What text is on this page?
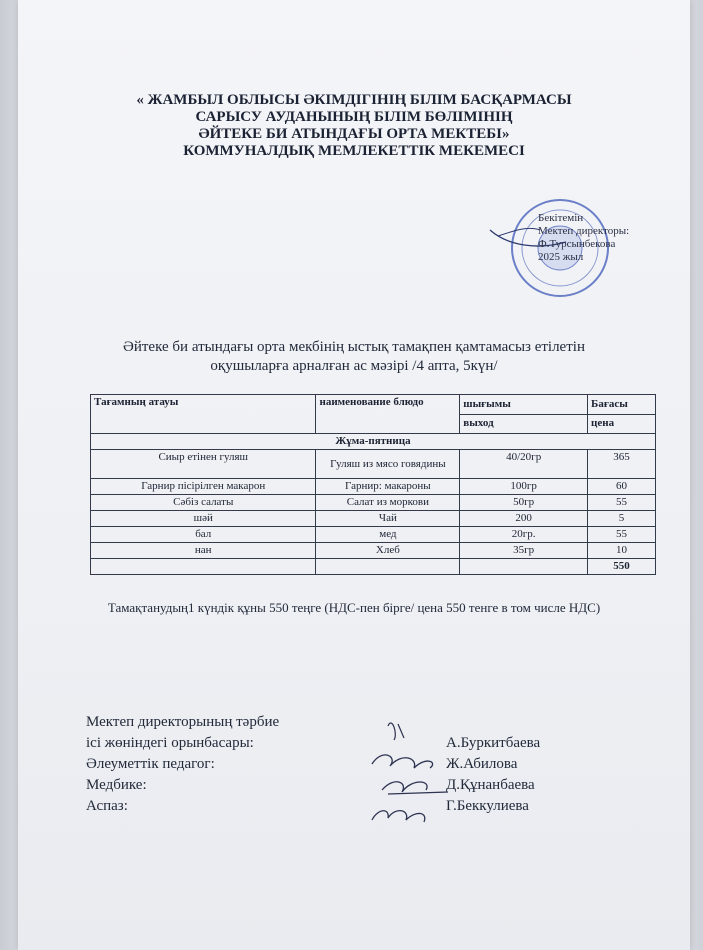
« ЖАМБЫЛ ОБЛЫСЫ ӘКІМДІГІНІҢ БІЛІМ БАСҚАРМАСЫ
САРЫСУ АУДАНЫНЫҢ БІЛІМ БӨЛІМІНІҢ
ӘЙТЕКЕ БИ АТЫНДАҒЫ ОРТА МЕКТЕБІ»
КОММУНАЛДЫҚ МЕМЛЕКЕТТІК МЕКЕМЕСІ
Бекітемін
Мектеп директоры:
Ф.Турсынбекова
2025 жыл
Әйтеке би атындағы орта мекбінің ыстық тамақпен қамтамасыз етілетін
оқушыларға арналған ас мәзірі /4 апта, 5күн/
Тағамның атауы	наименование блюдо	шығымы	Бағасы
		выход	цена
Жұма-пятница			
Сиыр етінен гуляш	Гуляш из мясо говядины	40/20гр	365
Гарнир пісірілген макарон	Гарнир: макароны	100гр	60
Сәбіз салаты	Салат из моркови	50гр	55
шәй	Чай	200	5
бал	мед	20гр.	55
нан	Хлеб	35гр	10
			550
Тамақтанудың1 күндік құны 550 теңге (НДС-пен бірге/ цена 550 тенге в том числе НДС)
Мектеп директорының тәрбие
ісі жөніндегі орынбасары:	А.Буркитбаева
Әлеуметтік педагог:	Ж.Абилова
Медбике:	Д.Құнанбаева
Аспаз:	Г.Беккулиева
